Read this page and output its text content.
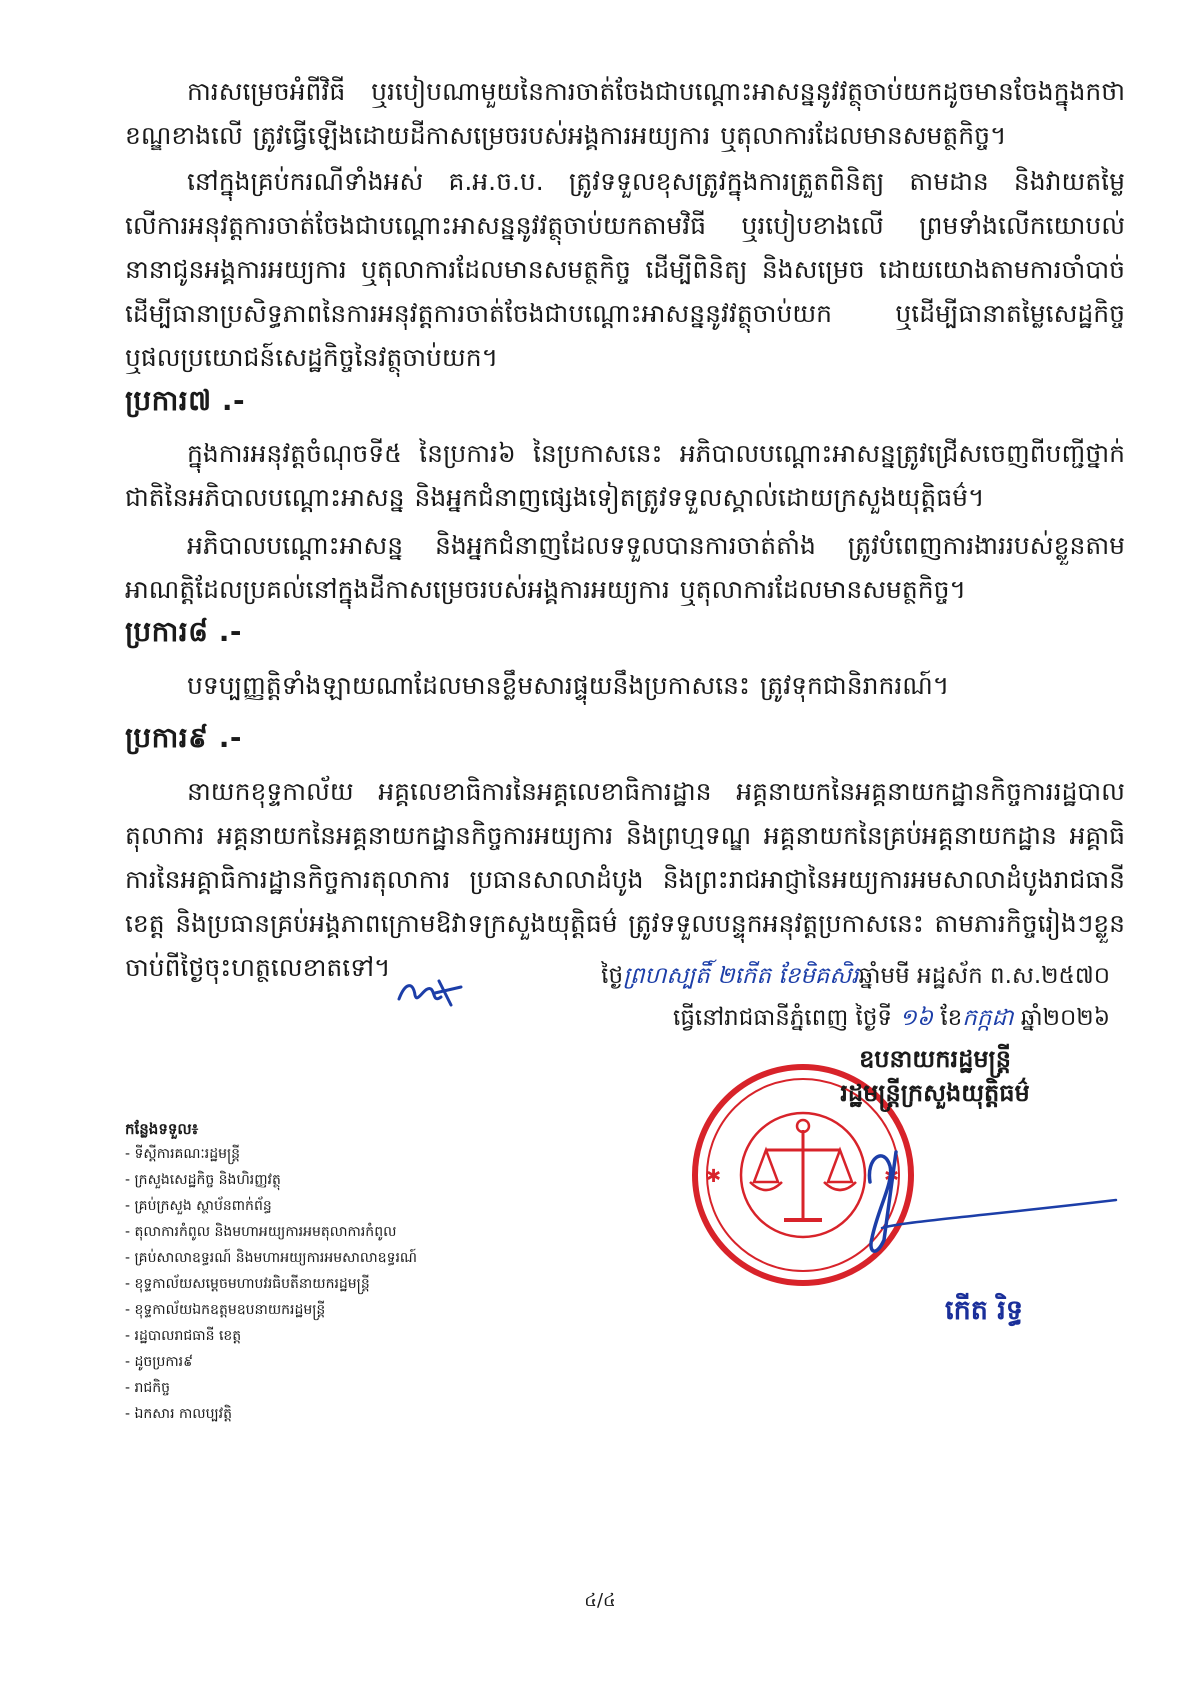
ការសម្រេចអំពីវិធី ឬរបៀបណាមួយនៃការចាត់ចែងជាបណ្តោះអាសន្ននូវវត្ថុចាប់យកដូចមានចែងក្នុងកថាខណ្ឌខាងលើ ត្រូវធ្វើឡើងដោយដីកាសម្រេចរបស់អង្គការអយ្យការ ឬតុលាការដែលមានសមត្ថកិច្ច។

នៅក្នុងគ្រប់ករណីទាំងអស់ គ.អ.ច.ប. ត្រូវទទួលខុសត្រូវក្នុងការត្រួតពិនិត្យ តាមដាន និងវាយតម្លៃលើការអនុវត្តការចាត់ចែងជាបណ្តោះអាសន្ននូវវត្ថុចាប់យកតាមវិធី ឬរបៀបខាងលើ ព្រមទាំងលើកយោបល់នានាជូនអង្គការអយ្យការ ឬតុលាការដែលមានសមត្ថកិច្ច ដើម្បីពិនិត្យ និងសម្រេច ដោយយោងតាមការចាំបាច់ដើម្បីធានាប្រសិទ្ធភាពនៃការអនុវត្តការចាត់ចែងជាបណ្តោះអាសន្ននូវវត្ថុចាប់យក ឬដើម្បីធានាតម្លៃសេដ្ឋកិច្ច ឬផលប្រយោជន៍សេដ្ឋកិច្ចនៃវត្ថុចាប់យក។

ប្រការ៧ .-

ក្នុងការអនុវត្តចំណុចទី៥ នៃប្រការ៦ នៃប្រកាសនេះ អភិបាលបណ្តោះអាសន្នត្រូវជ្រើសចេញពីបញ្ជីថ្នាក់ជាតិនៃអភិបាលបណ្តោះអាសន្ន និងអ្នកជំនាញផ្សេងទៀតត្រូវទទួលស្គាល់ដោយក្រសួងយុត្តិធម៌។

អភិបាលបណ្តោះអាសន្ន និងអ្នកជំនាញដែលទទួលបានការចាត់តាំង ត្រូវបំពេញការងាររបស់ខ្លួនតាមអាណត្តិដែលប្រគល់នៅក្នុងដីកាសម្រេចរបស់អង្គការអយ្យការ ឬតុលាការដែលមានសមត្ថកិច្ច។

ប្រការ៨ .-

បទប្បញ្ញត្តិទាំងឡាយណាដែលមានខ្លឹមសារផ្ទុយនឹងប្រកាសនេះ ត្រូវទុកជានិរាករណ៍។

ប្រការ៩ .-

នាយកខុទ្ទកាល័យ អគ្គលេខាធិការនៃអគ្គលេខាធិការដ្ឋាន អគ្គនាយកនៃអគ្គនាយកដ្ឋានកិច្ចការរដ្ឋបាលតុលាការ អគ្គនាយកនៃអគ្គនាយកដ្ឋានកិច្ចការអយ្យការ និងព្រហ្មទណ្ឌ អគ្គនាយកនៃគ្រប់អគ្គនាយកដ្ឋាន អគ្គាធិការនៃអគ្គាធិការដ្ឋានកិច្ចការតុលាការ ប្រធានសាលាដំបូង និងព្រះរាជអាជ្ញានៃអយ្យការអមសាលាដំបូងរាជធានី ខេត្ត និងប្រធានគ្រប់អង្គភាពក្រោមឱវាទក្រសួងយុត្តិធម៌ ត្រូវទទួលបន្ទុកអនុវត្តប្រកាសនេះ តាមភារកិច្ចរៀងៗខ្លួន ចាប់ពីថ្ងៃចុះហត្ថលេខាតទៅ។	ថ្ងៃព្រហស្បតិ៍ ២កើត ខែមិគសិរឆ្នាំមមី អដ្ឋស័ក ព.ស.២៥៧០
ធ្វើនៅរាជធានីភ្នំពេញ ថ្ងៃទី ១៦ ខែកក្កដា ឆ្នាំ២០២៦
✱	✱
ឧបនាយករដ្ឋមន្ត្រី
រដ្ឋមន្ត្រីក្រសួងយុត្តិធម៌
កើត រិទ្ធ
កន្លែងទទួល៖
- ទីស្តីការគណៈរដ្ឋមន្ត្រី
- ក្រសួងសេដ្ឋកិច្ច និងហិរញ្ញវត្ថុ
- គ្រប់ក្រសួង ស្ថាប័នពាក់ព័ន្ធ
- តុលាការកំពូល និងមហាអយ្យការអមតុលាការកំពូល
- គ្រប់សាលាឧទ្ធរណ៍ និងមហាអយ្យការអមសាលាឧទ្ធរណ៍
- ខុទ្ទកាល័យសម្តេចមហាបវរធិបតីនាយករដ្ឋមន្ត្រី
- ខុទ្ទកាល័យឯកឧត្តមឧបនាយករដ្ឋមន្ត្រី
- រដ្ឋបាលរាជធានី ខេត្ត
- ដូចប្រការ៩
- រាជកិច្ច
- ឯកសារ កាលប្បវត្តិ
៤/៤
